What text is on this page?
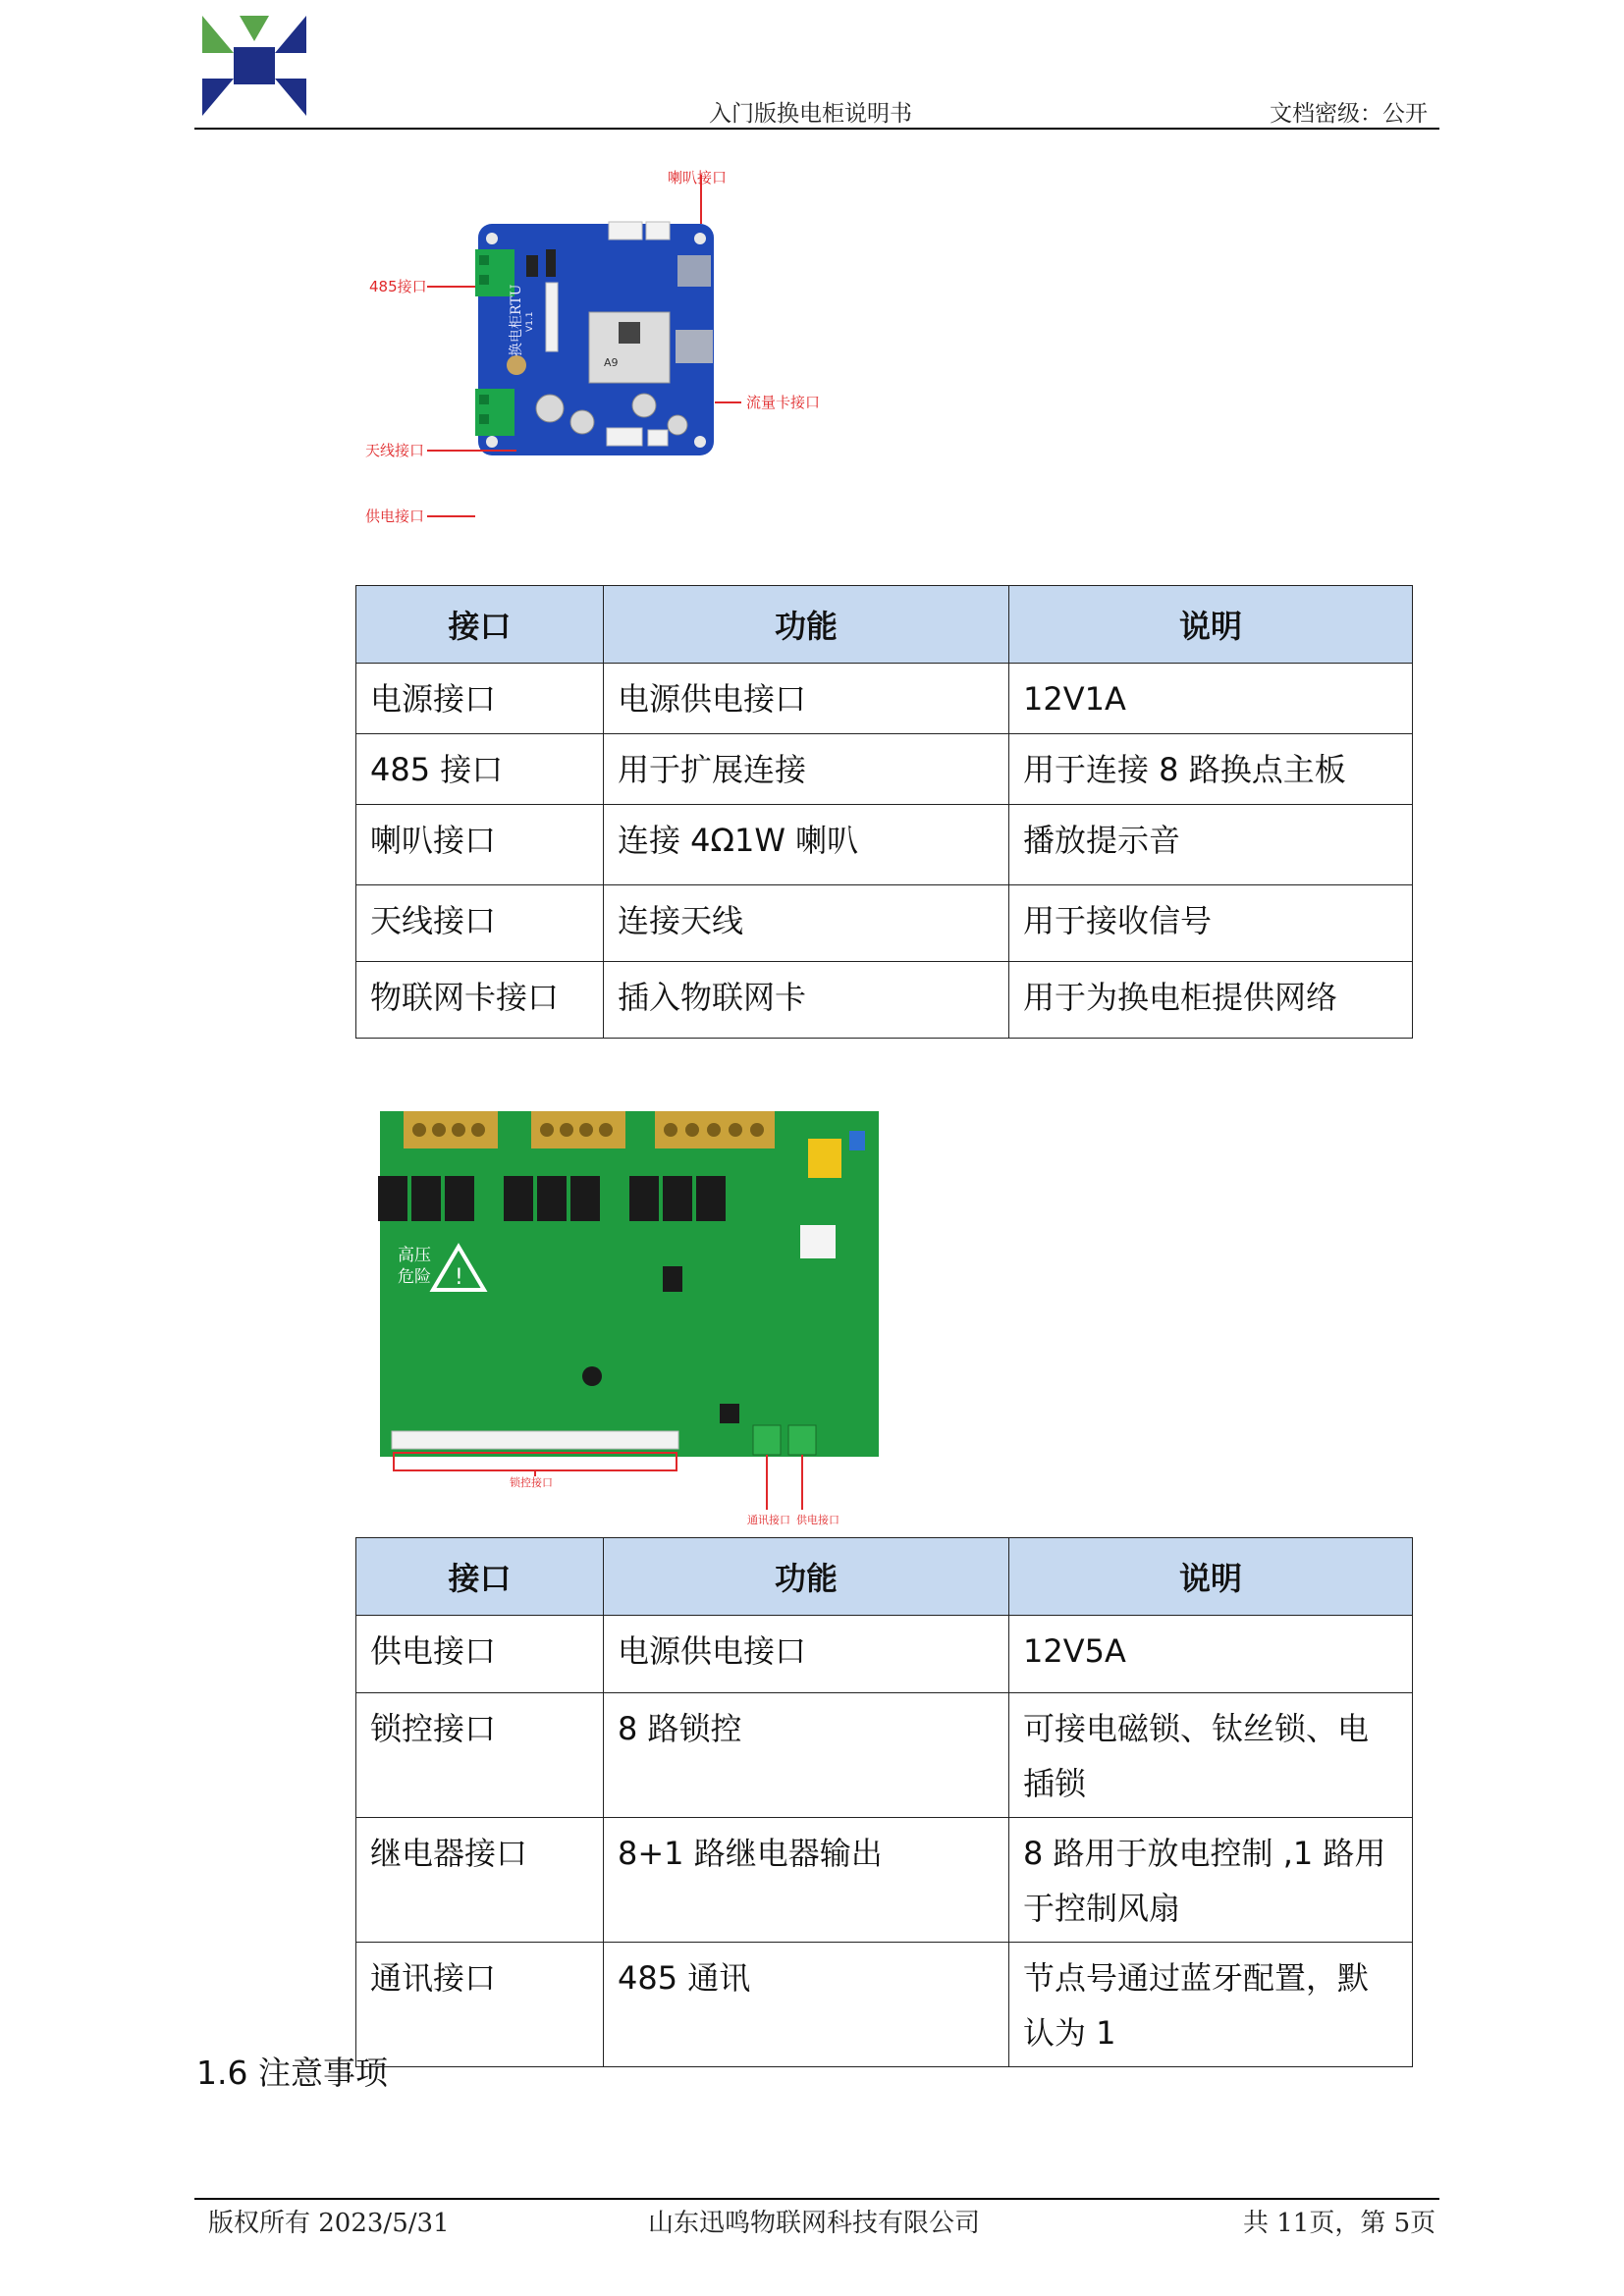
入门版换电柜说明书	文档密级：公开
A9
换电柜RTU V1.1
喇叭接口
485接口
天线接口
供电接口
流量卡接口
接口	功能	说明
电源接口	电源供电接口	12V1A
485 接口	用于扩展连接	用于连接 8 路换点主板
喇叭接口	连接 4Ω1W 喇叭	播放提示音
天线接口	连接天线	用于接收信号
物联网卡接口	插入物联网卡	用于为换电柜提供网络
!
高压
危险
锁控接口
通讯接口 供电接口
接口	功能	说明
供电接口	电源供电接口	12V5A
锁控接口	8 路锁控	可接电磁锁、钛丝锁、电插锁
继电器接口	8+1 路继电器输出	8 路用于放电控制 ,1 路用于控制风扇
通讯接口	485 通讯	节点号通过蓝牙配置，默认为 1
1.6 注意事项
版权所有 2023/5/31	山东迅鸣物联网科技有限公司	共 11页，第 5页
